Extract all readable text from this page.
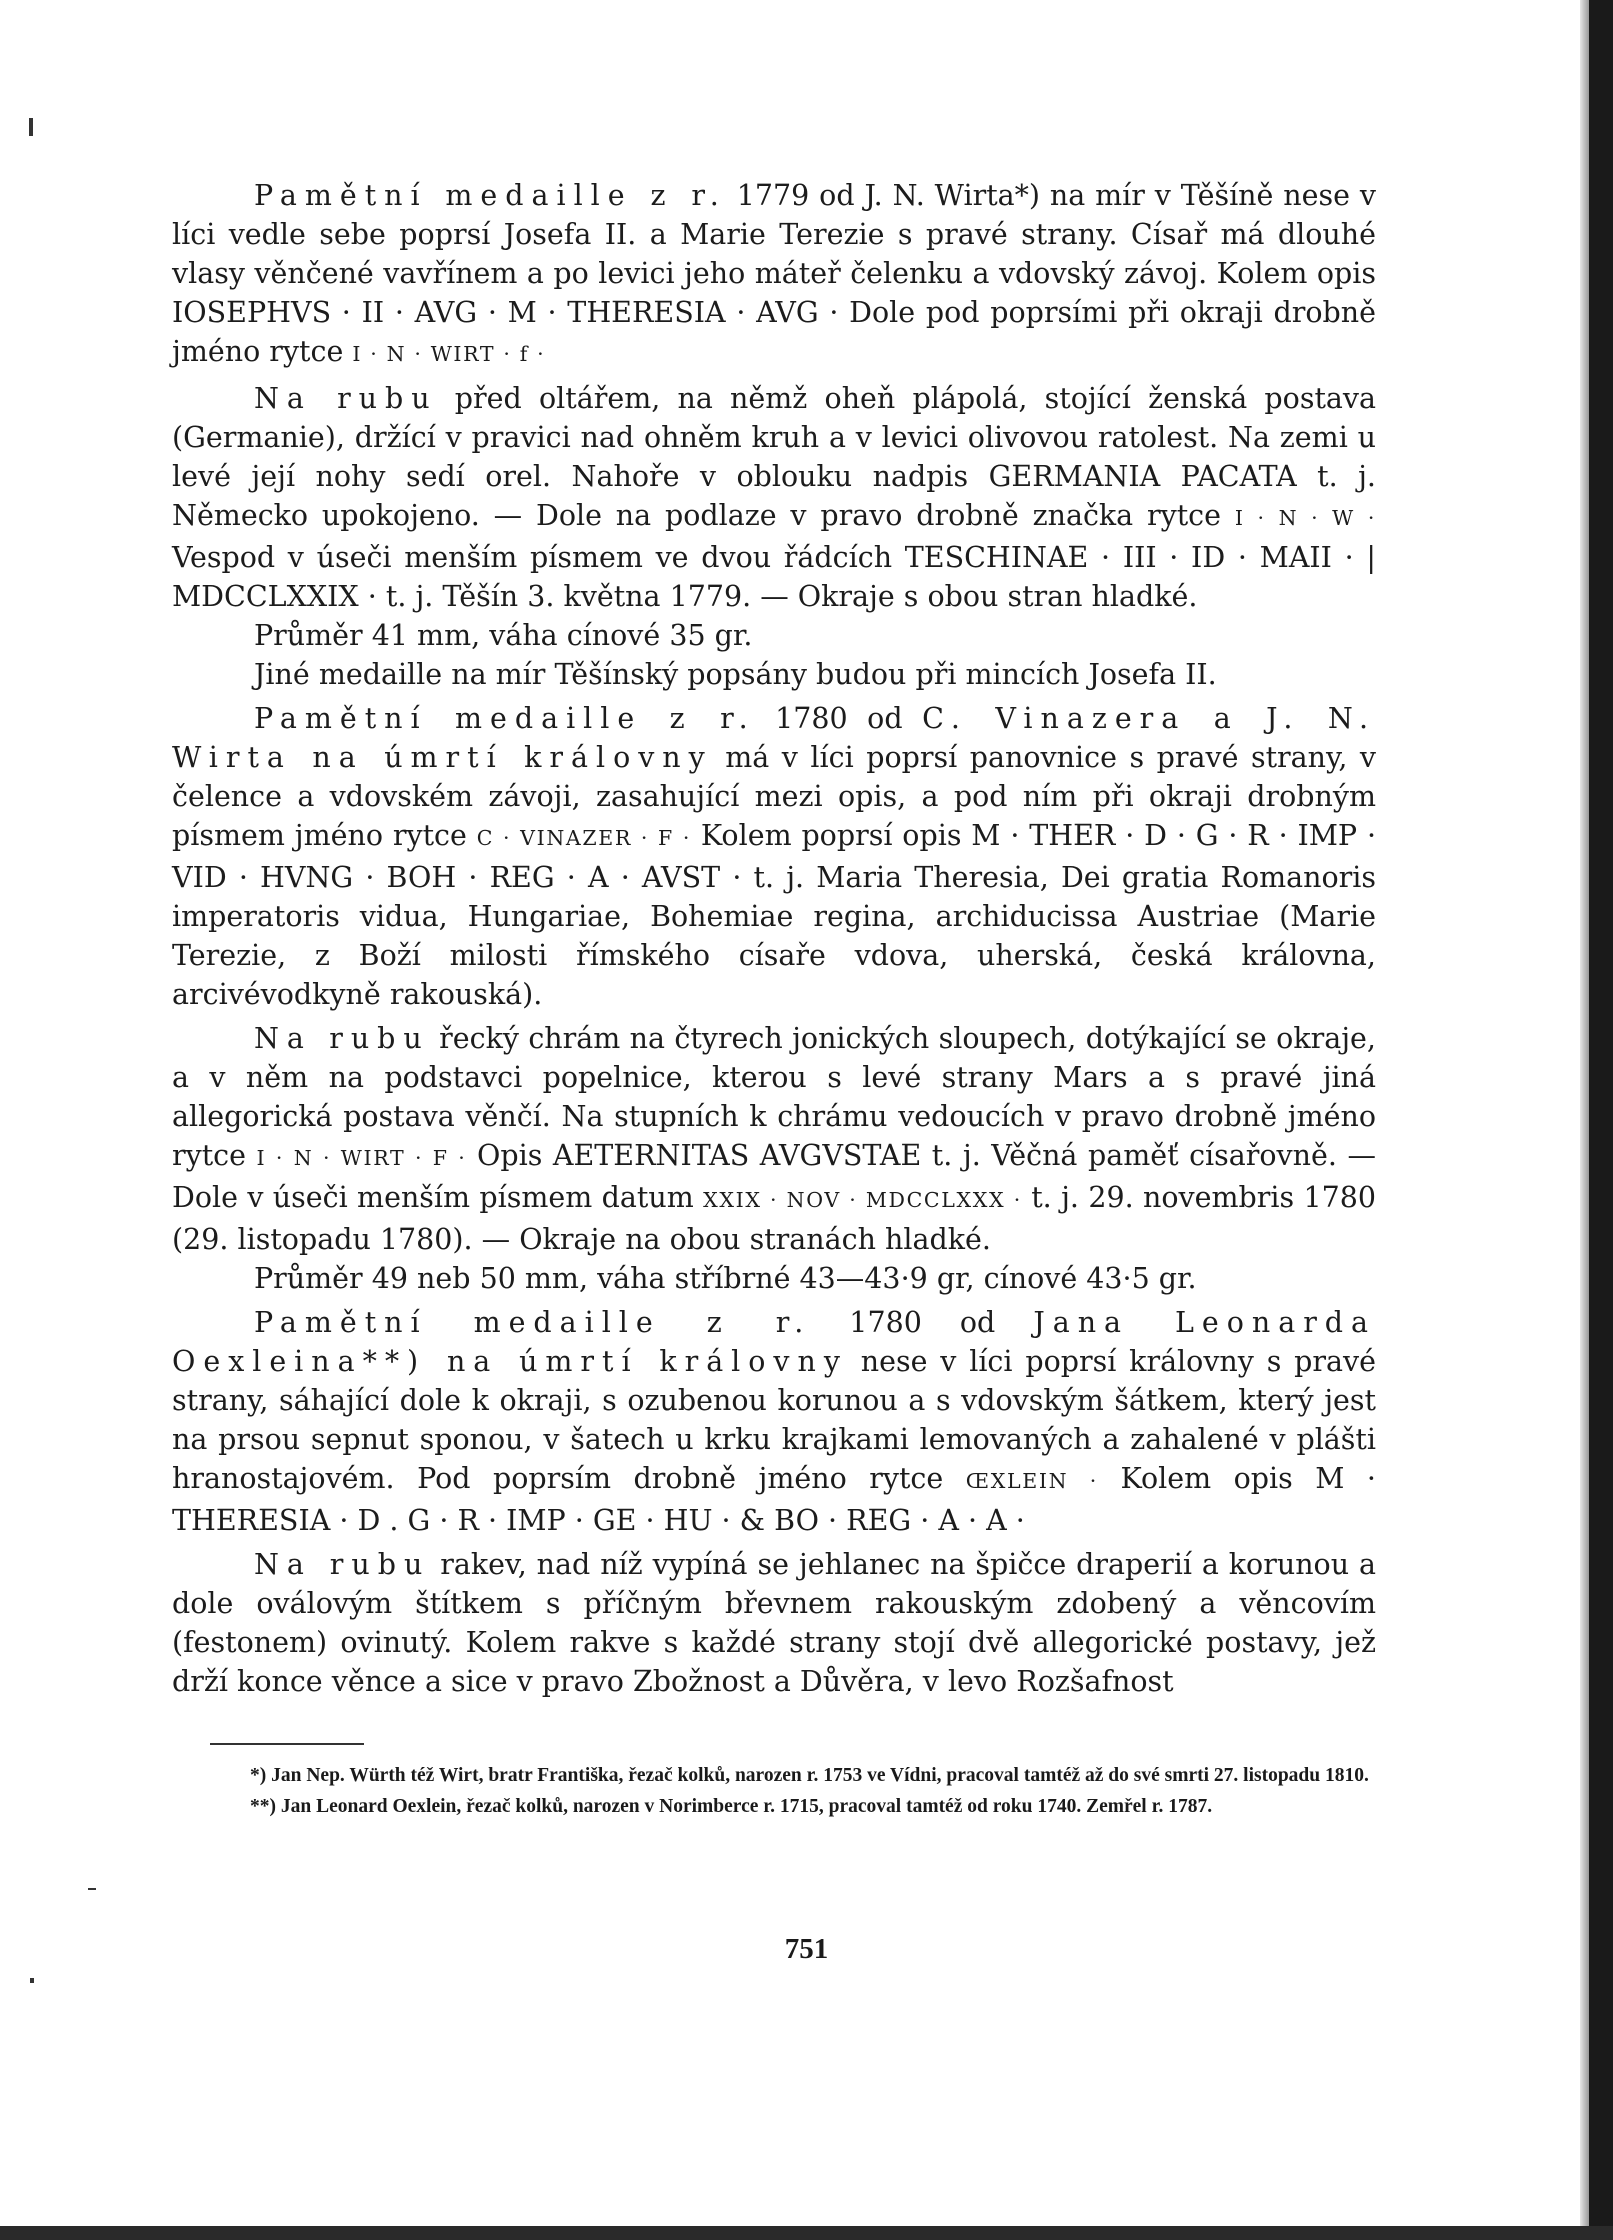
Pamětní medaille z r. 1779 od J. N. Wirta*) na mír v Těšíně nese v líci vedle sebe poprsí Josefa II. a Marie Terezie s pravé strany. Císař má dlouhé vlasy věnčené vavřínem a po levici jeho máteř čelenku a vdovský závoj. Kolem opis IOSEPHVS · II · AVG · M · THERESIA · AVG · Dole pod poprsími při okraji drobně jméno rytce I · N · WIRT · f ·

Na rubu před oltářem, na němž oheň plápolá, stojící ženská postava (Germanie), držící v pravici nad ohněm kruh a v levici olivovou ratolest. Na zemi u levé její nohy sedí orel. Nahoře v oblouku nadpis GERMANIA PACATA t. j. Německo upokojeno. — Dole na podlaze v pravo drobně značka rytce I · N · W · Vespod v úseči menším písmem ve dvou řádcích TESCHINAE · III · ID · MAII · | MDCCLXXIX · t. j. Těšín 3. května 1779. — Okraje s obou stran hladké.

Průměr 41 mm, váha cínové 35 gr.

Jiné medaille na mír Těšínský popsány budou při mincích Josefa II.

Pamětní medaille z r. 1780 od C. Vinazera a J. N. Wirta na úmrtí královny má v líci poprsí panovnice s pravé strany, v čelence a vdovském závoji, zasahující mezi opis, a pod ním při okraji drobným písmem jméno rytce C · VINAZER · F · Kolem poprsí opis M · THER · D · G · R · IMP · VID · HVNG · BOH · REG · A · AVST · t. j. Maria Theresia, Dei gratia Romanoris imperatoris vidua, Hungariae, Bohemiae regina, archiducissa Austriae (Marie Terezie, z Boží milosti římského císaře vdova, uherská, česká královna, arcivévodkyně rakouská).

Na rubu řecký chrám na čtyrech jonických sloupech, dotýkající se okraje, a v něm na podstavci popelnice, kterou s levé strany Mars a s pravé jiná allegorická postava věnčí. Na stupních k chrámu vedoucích v pravo drobně jméno rytce I · N · WIRT · F · Opis AETERNITAS AVGVSTAE t. j. Věčná paměť císařovně. — Dole v úseči menším písmem datum XXIX · NOV · MDCCLXXX · t. j. 29. novembris 1780 (29. listopadu 1780). — Okraje na obou stranách hladké.

Průměr 49 neb 50 mm, váha stříbrné 43—43·9 gr, cínové 43·5 gr.

Pamětní medaille z r. 1780 od Jana Leonarda Oexleina**) na úmrtí královny nese v líci poprsí královny s pravé strany, sáhající dole k okraji, s ozubenou korunou a s vdovským šátkem, který jest na prsou sepnut sponou, v šatech u krku krajkami lemovaných a zahalené v plášti hranostajovém. Pod poprsím drobně jméno rytce ŒXLEIN · Kolem opis M · THERESIA · D . G · R · IMP · GE · HU · & BO · REG · A · A ·

Na rubu rakev, nad níž vypíná se jehlanec na špičce draperií a korunou a dole oválovým štítkem s příčným břevnem rakouským zdobený a věncovím (festonem) ovinutý. Kolem rakve s každé strany stojí dvě allegorické postavy, jež drží konce věnce a sice v pravo Zbožnost a Důvěra, v levo Rozšafnost

*) Jan Nep. Würth též Wirt, bratr Františka, řezač kolků, narozen r. 1753 ve Vídni, pracoval tamtéž až do své smrti 27. listopadu 1810.

**) Jan Leonard Oexlein, řezač kolků, narozen v Norimberce r. 1715, pracoval tamtéž od roku 1740. Zemřel r. 1787.

751
